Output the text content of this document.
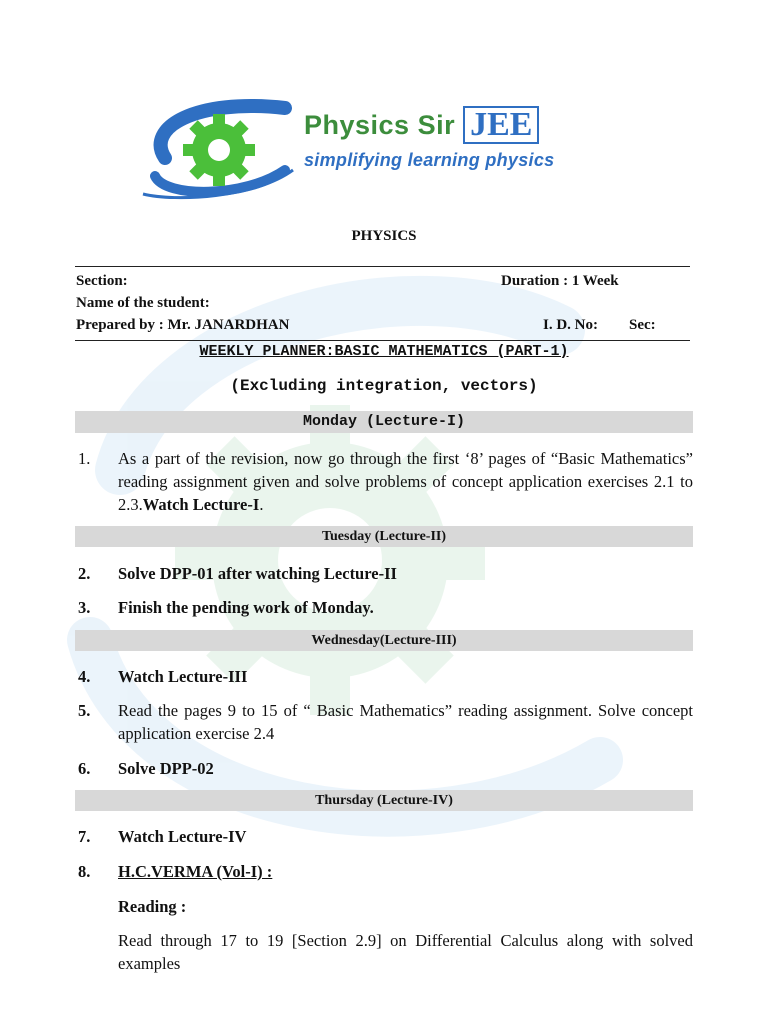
Physics Sir JEE
simplifying learning physics
PHYSICS
Section:	Duration : 1 Week
Name of the student:
Prepared by : Mr. JANARDHAN	I. D. No: Sec:
WEEKLY PLANNER:BASIC MATHEMATICS (PART-1)
(Excluding integration, vectors)
Monday (Lecture-I)
1. As a part of the revision, now go through the first ‘8’ pages of “Basic Mathematics” reading assignment given and solve problems of concept application exercises 2.1 to 2.3.Watch Lecture-I.
Tuesday (Lecture-II)
2. Solve DPP-01 after watching Lecture-II
3. Finish the pending work of Monday.
Wednesday(Lecture-III)
4. Watch Lecture-III
5. Read the pages 9 to 15 of “ Basic Mathematics” reading assignment. Solve concept application exercise 2.4
6. Solve DPP-02
Thursday (Lecture-IV)
7. Watch Lecture-IV
8. H.C.VERMA (Vol-I) :
Reading :
Read through 17 to 19 [Section 2.9] on Differential Calculus along with solved examples
